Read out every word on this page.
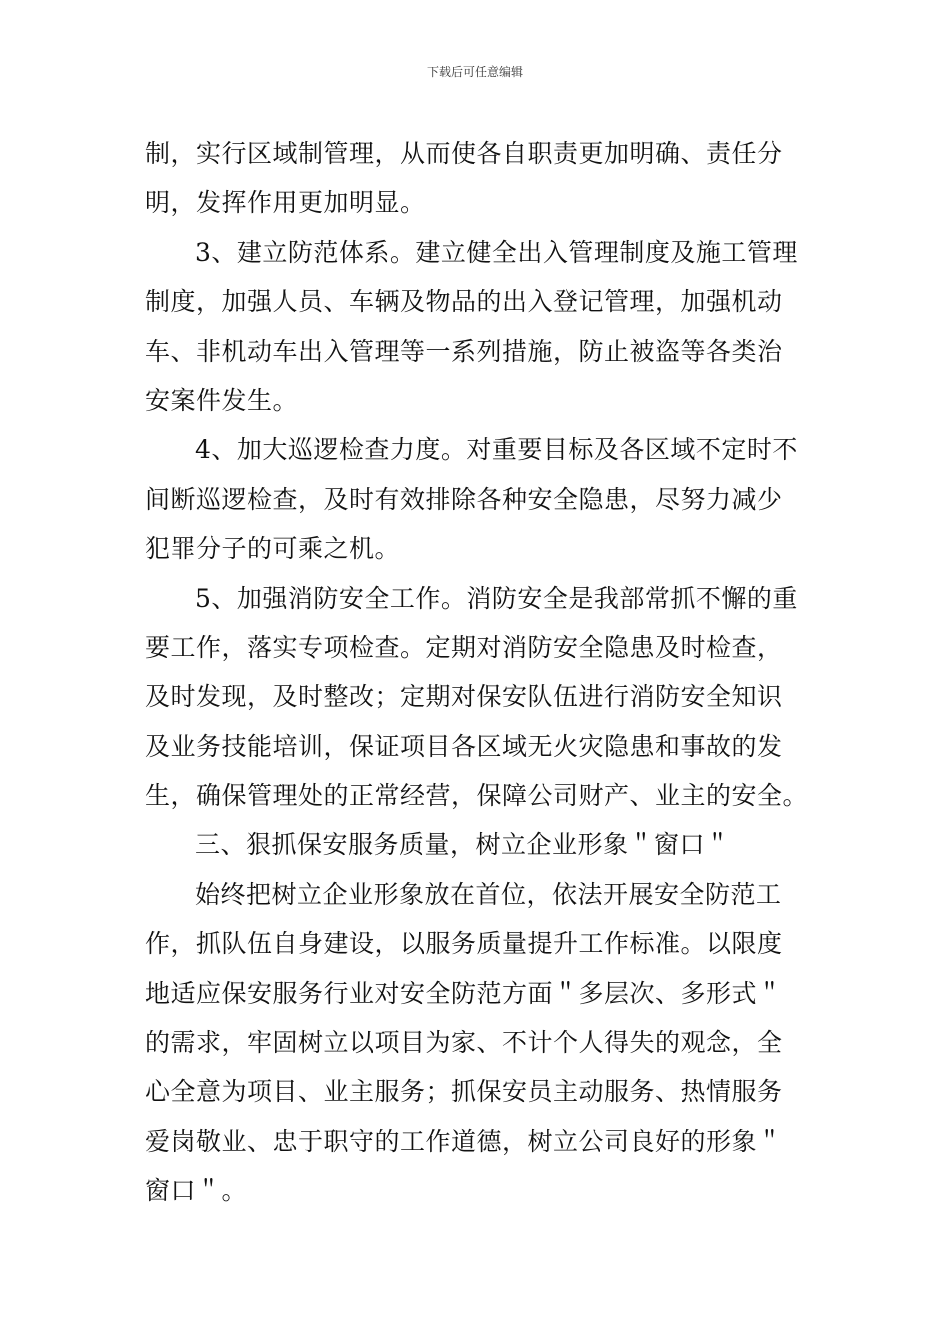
下载后可任意编辑
制，实行区域制管理，从而使各自职责更加明确、责任分
明，发挥作用更加明显。
3、建立防范体系。建立健全出入管理制度及施工管理
制度，加强人员、车辆及物品的出入登记管理，加强机动
车、非机动车出入管理等一系列措施，防止被盗等各类治
安案件发生。
4、加大巡逻检查力度。对重要目标及各区域不定时不
间断巡逻检查，及时有效排除各种安全隐患，尽努力减少
犯罪分子的可乘之机。
5、加强消防安全工作。消防安全是我部常抓不懈的重
要工作，落实专项检查。定期对消防安全隐患及时检查，
及时发现，及时整改；定期对保安队伍进行消防安全知识
及业务技能培训，保证项目各区域无火灾隐患和事故的发
生，确保管理处的正常经营，保障公司财产、业主的安全。
三、狠抓保安服务质量，树立企业形象＂窗口＂
始终把树立企业形象放在首位，依法开展安全防范工
作，抓队伍自身建设，以服务质量提升工作标准。以限度
地适应保安服务行业对安全防范方面＂多层次、多形式＂
的需求，牢固树立以项目为家、不计个人得失的观念，全
心全意为项目、业主服务；抓保安员主动服务、热情服务
爱岗敬业、忠于职守的工作道德，树立公司良好的形象＂
窗口＂。
